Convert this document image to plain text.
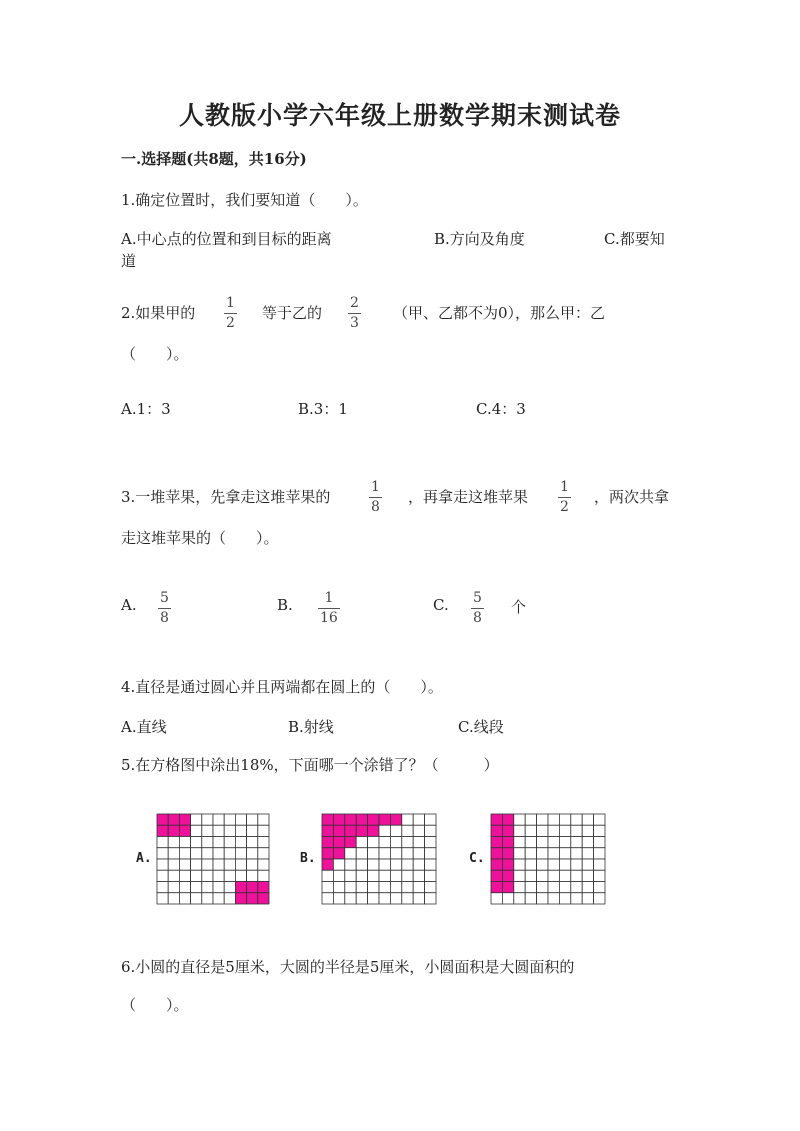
人教版小学六年级上册数学期末测试卷
一.选择题(共8题，共16分)
1.确定位置时，我们要知道（　　）。
A.中心点的位置和到目标的距离	B.方向及角度	C.都要知
道
2.如果甲的
1
2
等于乙的
2
3
（甲、乙都不为0），那么甲：乙
（　　）。
A.1：3	B.3：1	C.4：3
3.一堆苹果，先拿走这堆苹果的
1
8
，再拿走这堆苹果
1
2
，两次共拿
走这堆苹果的（　　）。
A. 5
8
B. 1
16
C. 5
8
个
4.直径是通过圆心并且两端都在圆上的（　　）。
A.直线	B.射线	C.线段
5.在方格图中涂出18%，下面哪一个涂错了？（　　　）
A.	B.	C.
6.小圆的直径是5厘米，大圆的半径是5厘米，小圆面积是大圆面积的
（　　）。
